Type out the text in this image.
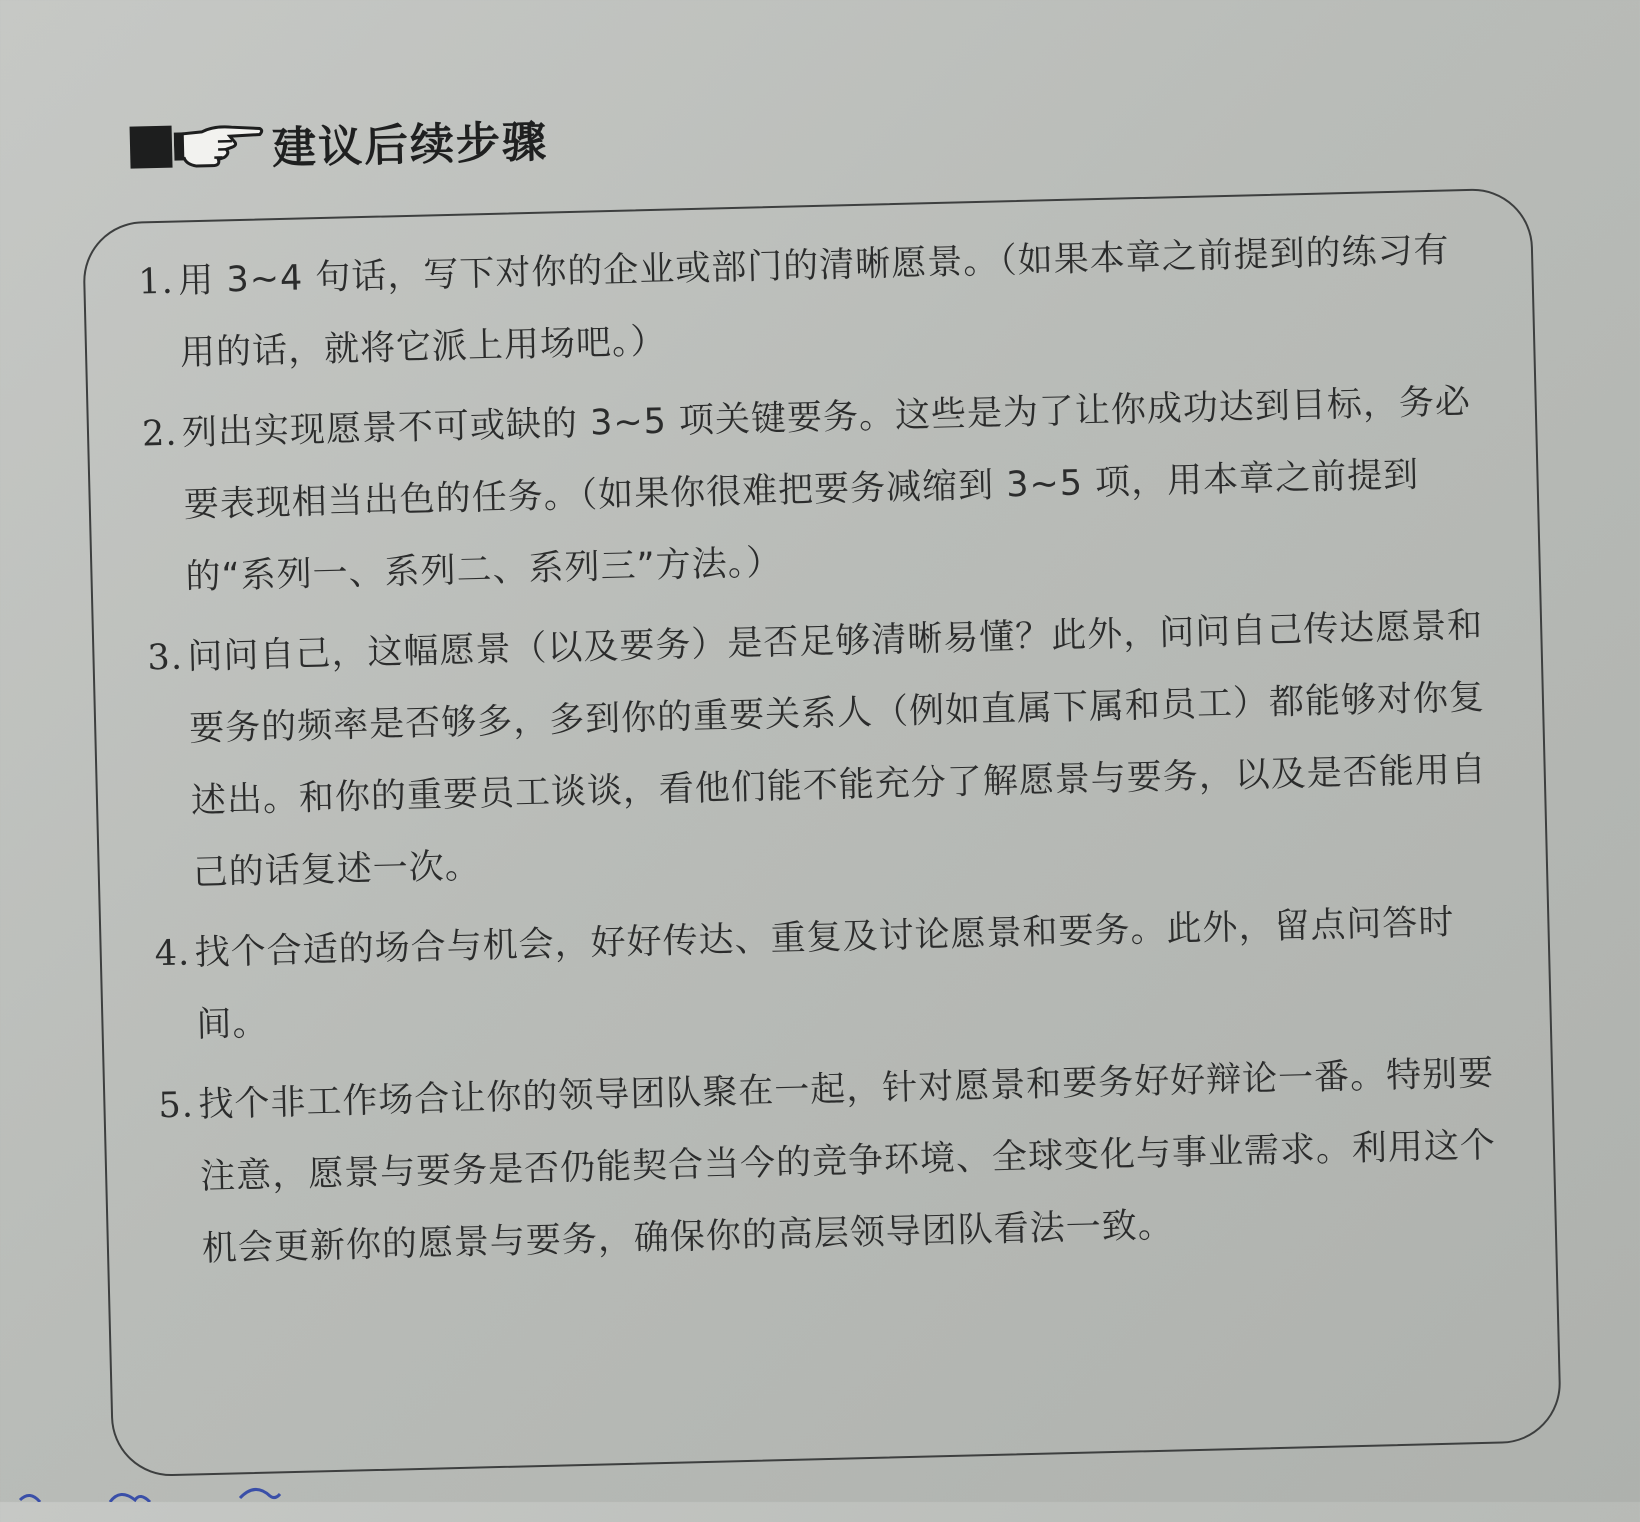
建议后续步骤
1. 用 3~4 句话，写下对你的企业或部门的清晰愿景。（如果本章之前提到的练习有用的话，就将它派上用场吧。）
2. 列出实现愿景不可或缺的 3~5 项关键要务。这些是为了让你成功达到目标，务必要表现相当出色的任务。（如果你很难把要务减缩到 3~5 项，用本章之前提到的“系列一、系列二、系列三”方法。）
3. 问问自己，这幅愿景（以及要务）是否足够清晰易懂？此外，问问自己传达愿景和要务的频率是否够多，多到你的重要关系人（例如直属下属和员工）都能够对你复述出。和你的重要员工谈谈，看他们能不能充分了解愿景与要务，以及是否能用自己的话复述一次。
4. 找个合适的场合与机会，好好传达、重复及讨论愿景和要务。此外，留点问答时间。
5. 找个非工作场合让你的领导团队聚在一起，针对愿景和要务好好辩论一番。特别要注意，愿景与要务是否仍能契合当今的竞争环境、全球变化与事业需求。利用这个机会更新你的愿景与要务，确保你的高层领导团队看法一致。
